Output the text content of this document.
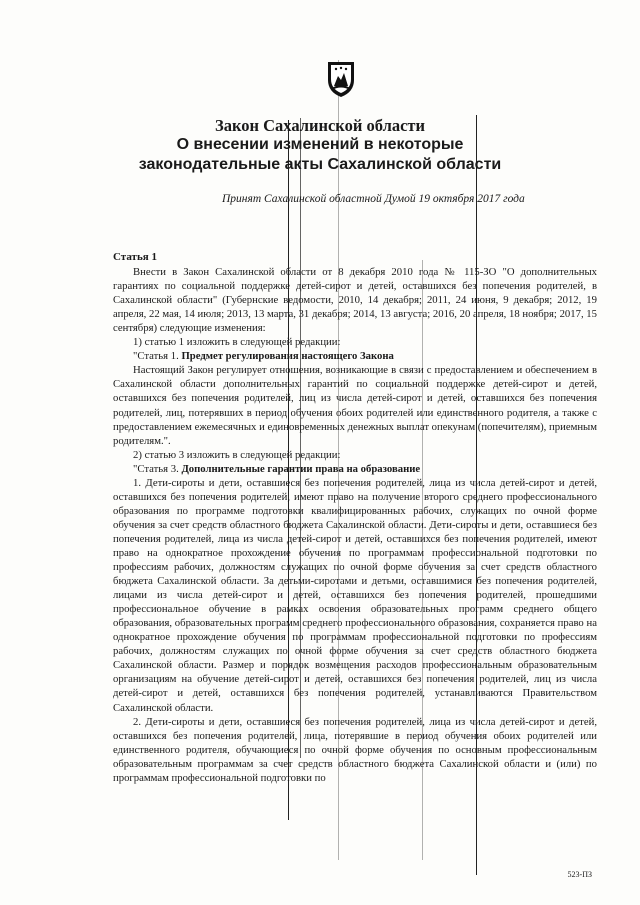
Закон Сахалинской области
О внесении изменений в некоторые
законодательные акты Сахалинской области
Принят Сахалинской областной Думой 19 октября 2017 года

Статья 1

Внести в Закон Сахалинской области от 8 декабря 2010 года № 115-ЗО "О дополнительных гарантиях по социальной поддержке детей-сирот и детей, оставшихся без попечения родителей, в Сахалинской области" (Губернские ведомости, 2010, 14 декабря; 2011, 24 июня, 9 декабря; 2012, 19 апреля, 22 мая, 14 июля; 2013, 13 марта, 31 декабря; 2014, 13 августа; 2016, 20 апреля, 18 ноября; 2017, 15 сентября) следующие изменения:

1) статью 1 изложить в следующей редакции:

"Статья 1. Предмет регулирования настоящего Закона

Настоящий Закон регулирует отношения, возникающие в связи с предоставлением и обеспечением в Сахалинской области дополнительных гарантий по социальной поддержке детей-сирот и детей, оставшихся без попечения родителей, лиц из числа детей-сирот и детей, оставшихся без попечения родителей, лиц, потерявших в период обучения обоих родителей или единственного родителя, а также с предоставлением ежемесячных и единовременных денежных выплат опекунам (попечителям), приемным родителям.".

2) статью 3 изложить в следующей редакции:

"Статья 3. Дополнительные гарантии права на образование

1. Дети-сироты и дети, оставшиеся без попечения родителей, лица из числа детей-сирот и детей, оставшихся без попечения родителей, имеют право на получение второго среднего профессионального образования по программе подготовки квалифицированных рабочих, служащих по очной форме обучения за счет средств областного бюджета Сахалинской области. Дети-сироты и дети, оставшиеся без попечения родителей, лица из числа детей-сирот и детей, оставшихся без попечения родителей, имеют право на однократное прохождение обучения по программам профессиональной подготовки по профессиям рабочих, должностям служащих по очной форме обучения за счет средств областного бюджета Сахалинской области. За детьми-сиротами и детьми, оставшимися без попечения родителей, лицами из числа детей-сирот и детей, оставшихся без попечения родителей, прошедшими профессиональное обучение в рамках освоения образовательных программ среднего общего образования, образовательных программ среднего профессионального образования, сохраняется право на однократное прохождение обучения по программам профессиональной подготовки по профессиям рабочих, должностям служащих по очной форме обучения за счет средств областного бюджета Сахалинской области. Размер и порядок возмещения расходов профессиональным образовательным организациям на обучение детей-сирот и детей, оставшихся без попечения родителей, лиц из числа детей-сирот и детей, оставшихся без попечения родителей, устанавливаются Правительством Сахалинской области.

2. Дети-сироты и дети, оставшиеся без попечения родителей, лица из числа детей-сирот и детей, оставшихся без попечения родителей, лица, потерявшие в период обучения обоих родителей или единственного родителя, обучающиеся по очной форме обучения по основным профессиональным образовательным программам за счет средств областного бюджета Сахалинской области и (или) по программам профессиональной подготовки по

523-ПЗ
